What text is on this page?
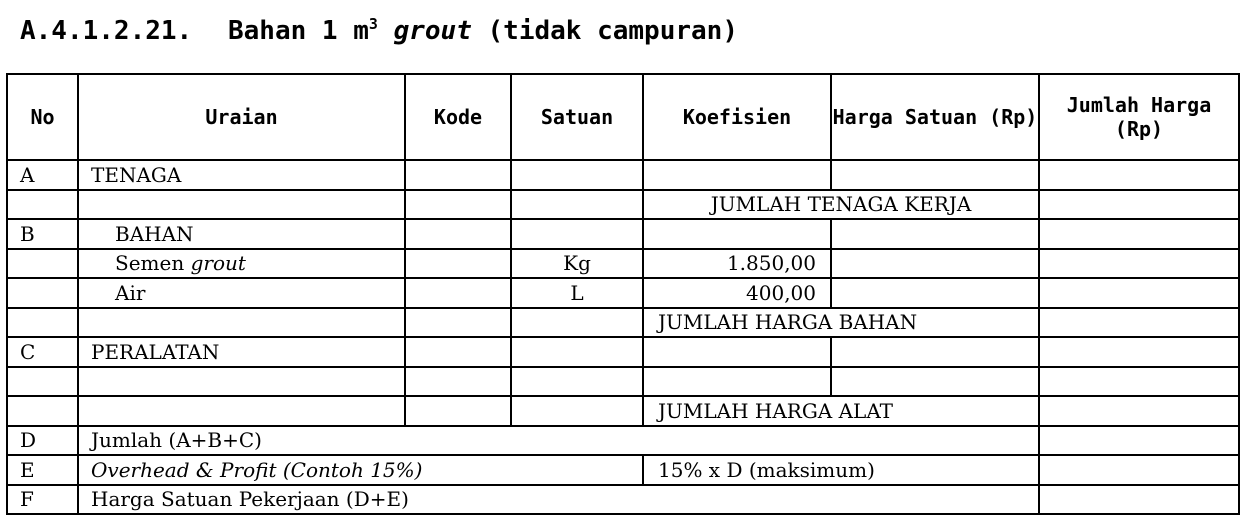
A.4.1.2.21. Bahan 1 $m^3$ grout (tidak campuran)
No	Uraian	Kode	Satuan	Koefisien	Harga Satuan (Rp)	Jumlah Harga (Rp)
A	TENAGA					
				JUMLAH TENAGA KERJA		
B	BAHAN					
	Semen grout		Kg	1.850,00		
	Air		L	400,00		
				JUMLAH HARGA BAHAN		
C	PERALATAN					

				JUMLAH HARGA ALAT		
D	Jumlah (A+B+C)					
E	Overhead & Profit (Contoh 15%)			15% x D (maksimum)		
F	Harga Satuan Pekerjaan (D+E)					
